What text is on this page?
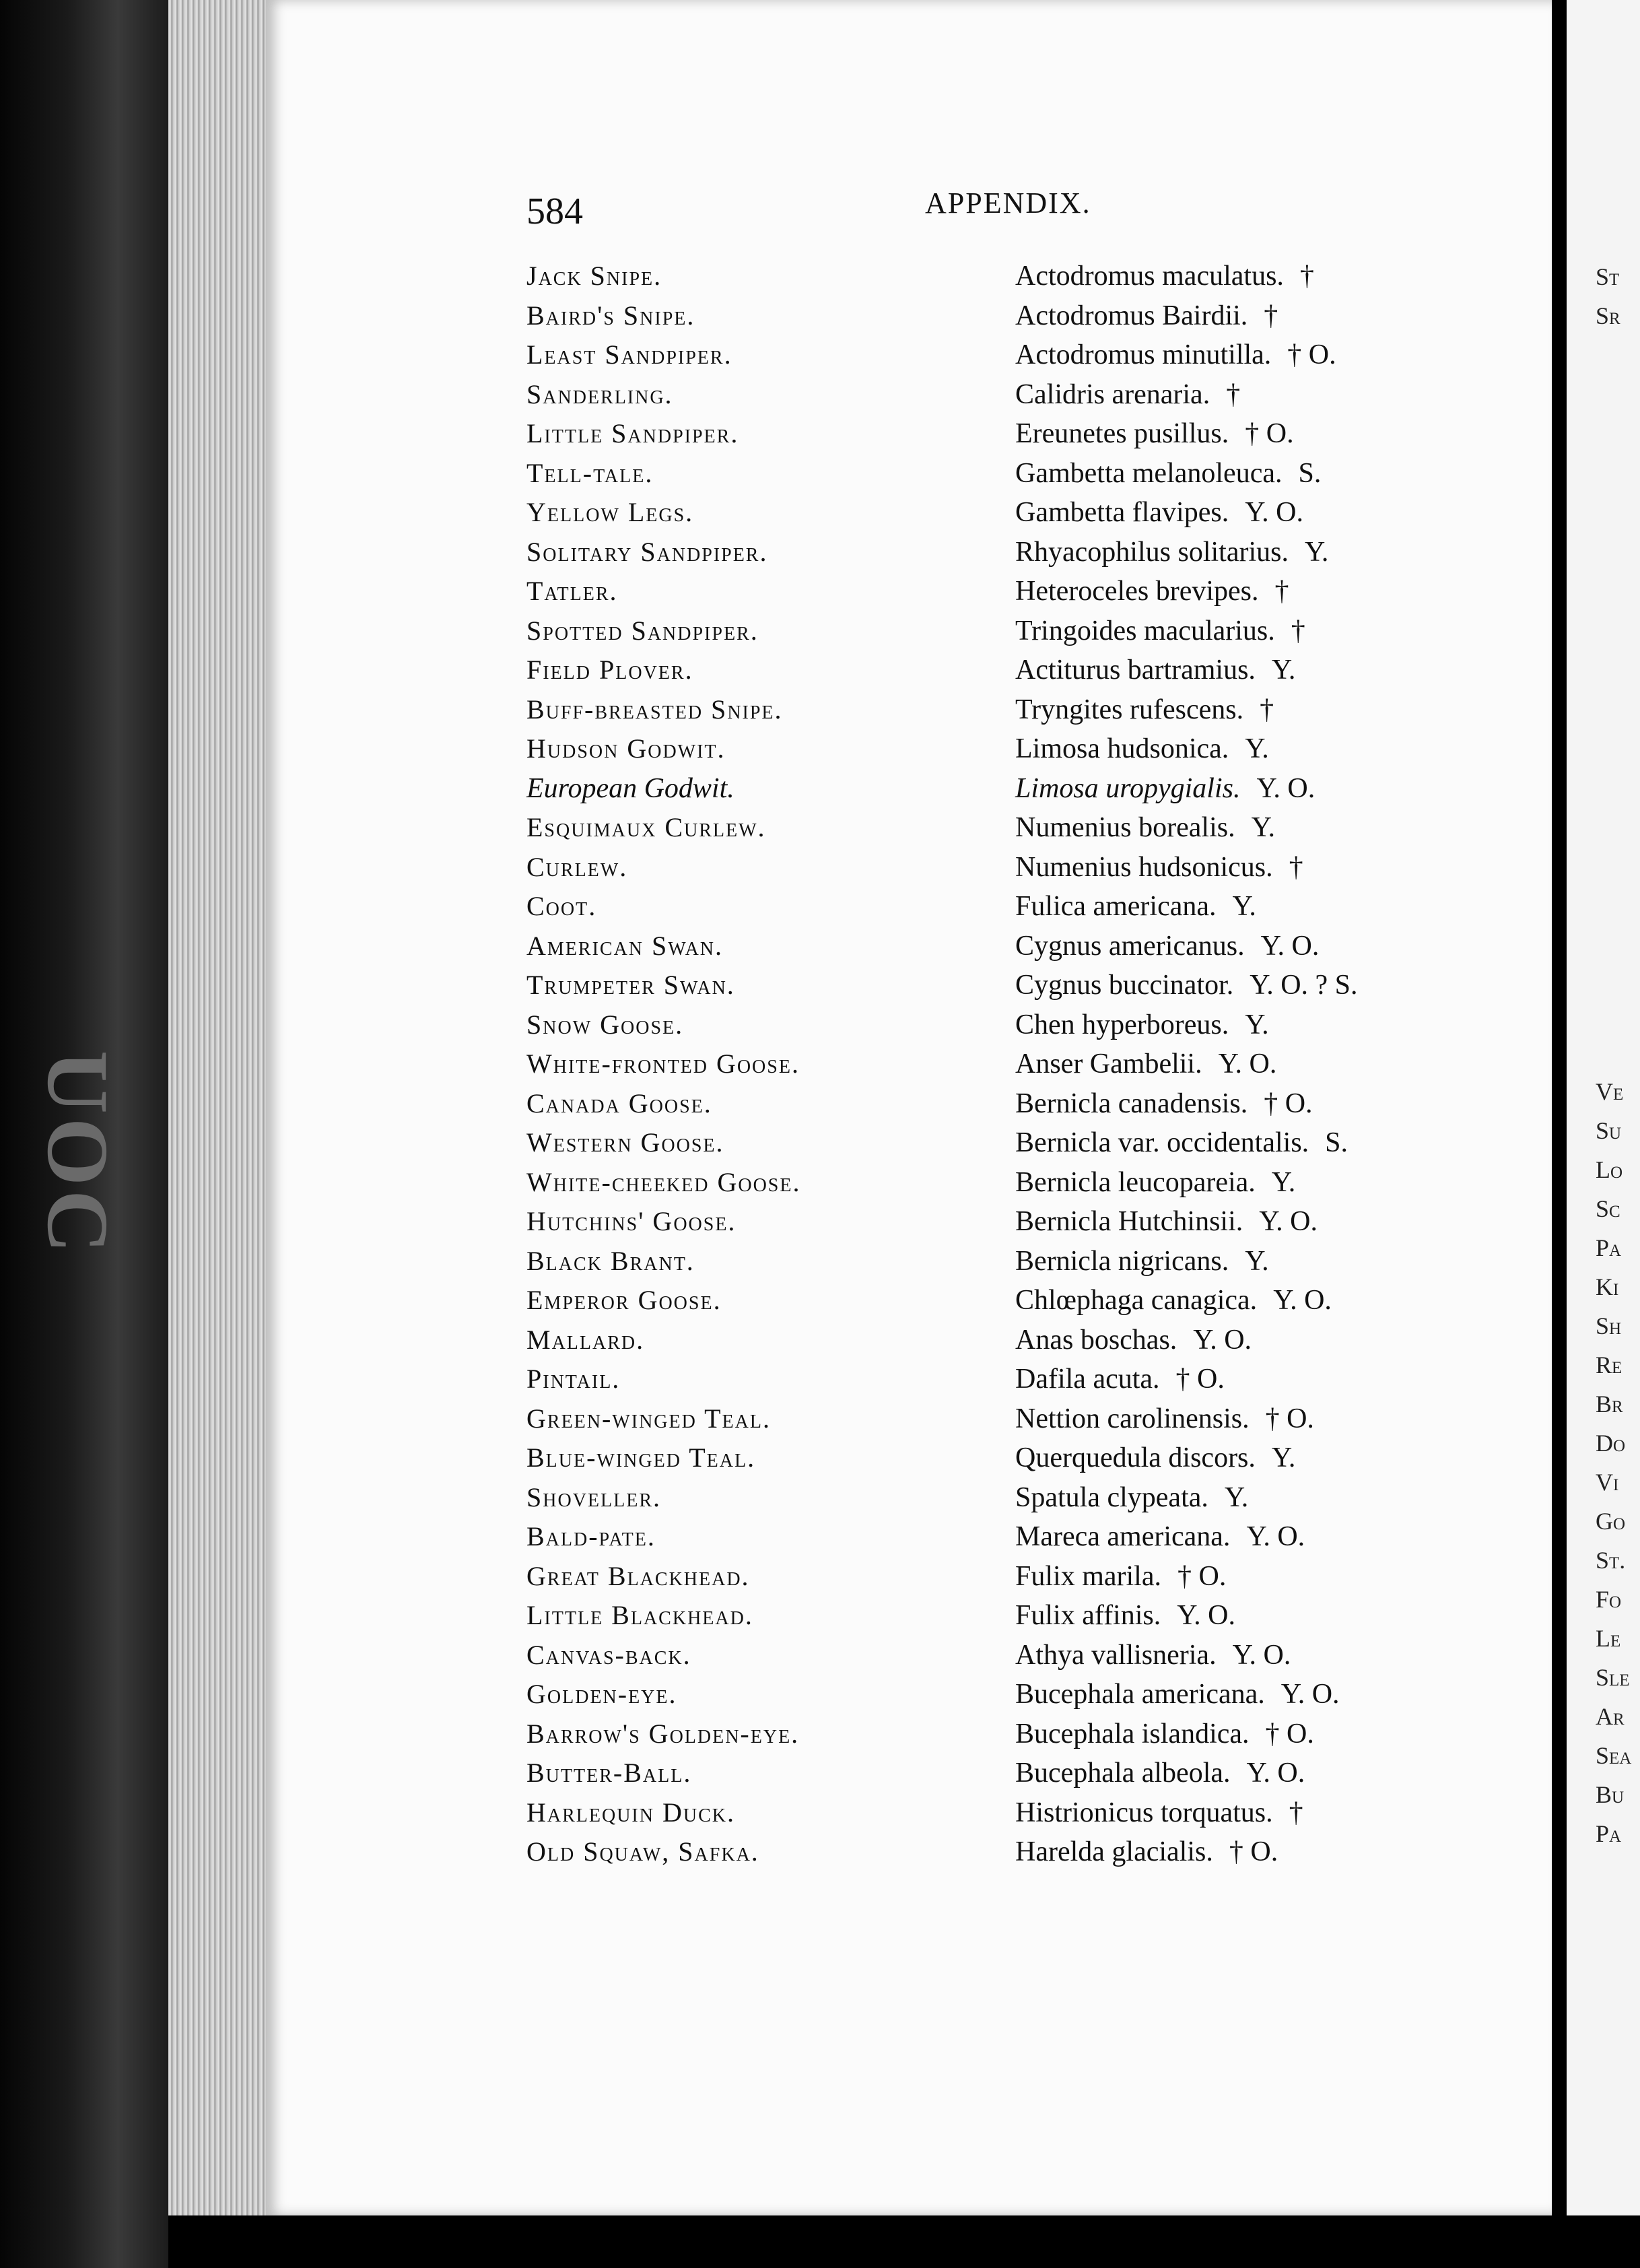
UOC
584	APPENDIX.
Jack Snipe.	Actodromus maculatus. †
Baird's Snipe.	Actodromus Bairdii. †
Least Sandpiper.	Actodromus minutilla. † O.
Sanderling.	Calidris arenaria. †
Little Sandpiper.	Ereunetes pusillus. † O.
Tell-tale.	Gambetta melanoleuca. S.
Yellow Legs.	Gambetta flavipes. Y. O.
Solitary Sandpiper.	Rhyacophilus solitarius. Y.
Tatler.	Heteroceles brevipes. †
Spotted Sandpiper.	Tringoides macularius. †
Field Plover.	Actiturus bartramius. Y.
Buff-breasted Snipe.	Tryngites rufescens. †
Hudson Godwit.	Limosa hudsonica. Y.
European Godwit.	Limosa uropygialis. Y. O.
Esquimaux Curlew.	Numenius borealis. Y.
Curlew.	Numenius hudsonicus. †
Coot.	Fulica americana. Y.
American Swan.	Cygnus americanus. Y. O.
Trumpeter Swan.	Cygnus buccinator. Y. O. ? S.
Snow Goose.	Chen hyperboreus. Y.
White-fronted Goose.	Anser Gambelii. Y. O.
Canada Goose.	Bernicla canadensis. † O.
Western Goose.	Bernicla var. occidentalis. S.
White-cheeked Goose.	Bernicla leucopareia. Y.
Hutchins' Goose.	Bernicla Hutchinsii. Y. O.
Black Brant.	Bernicla nigricans. Y.
Emperor Goose.	Chlœphaga canagica. Y. O.
Mallard.	Anas boschas. Y. O.
Pintail.	Dafila acuta. † O.
Green-winged Teal.	Nettion carolinensis. † O.
Blue-winged Teal.	Querquedula discors. Y.
Shoveller.	Spatula clypeata. Y.
Bald-pate.	Mareca americana. Y. O.
Great Blackhead.	Fulix marila. † O.
Little Blackhead.	Fulix affinis. Y. O.
Canvas-back.	Athya vallisneria. Y. O.
Golden-eye.	Bucephala americana. Y. O.
Barrow's Golden-eye.	Bucephala islandica. † O.
Butter-Ball.	Bucephala albeola. Y. O.
Harlequin Duck.	Histrionicus torquatus. †
Old Squaw, Safka.	Harelda glacialis. † O.
St
Sr
Ve
Su
Lo
Sc
Pa
Ki
Sh
Re
Br
Do
Vi
Go
St.
Fo
Le
Sle
Ar
Sea
Bu
Pa
